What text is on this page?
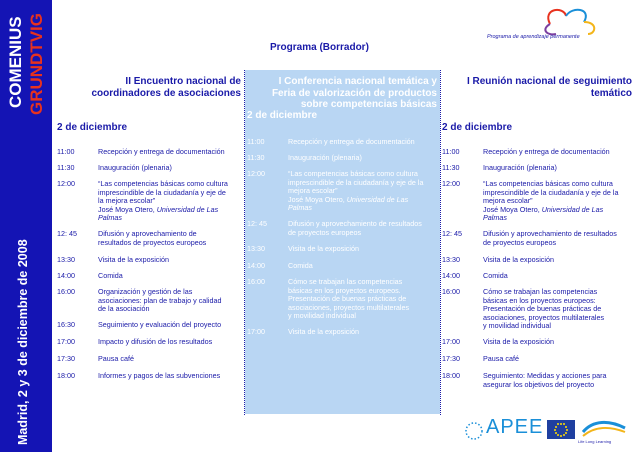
COMENIUS GRUNDTVIG
Madrid, 2 y 3 de diciembre de 2008
Programa (Borrador)
Programa de aprendizaje permanente
II Encuentro nacional de
coordinadores de asociaciones
2 de diciembre
11:00	Recepción y entrega de documentación
11:30	Inauguración (plenaria)
12:00	“Las competencias básicas como cultura
imprescindible de la ciudadanía y eje de
la mejora escolar”
José Moya Otero, Universidad de Las
Palmas
12: 45	Difusión y aprovechamiento de
resultados de proyectos europeos
13:30	Visita de la exposición
14:00	Comida
16:00	Organización y gestión de las
asociaciones: plan de trabajo y calidad
de la asociación
16:30	Seguimiento y evaluación del proyecto
17:00	Impacto y difusión de los resultados
17:30	Pausa café
18:00	Informes y pagos de las subvenciones
I Conferencia nacional temática y
Feria de valorización de productos
sobre competencias básicas
2 de diciembre
11:00	Recepción y entrega de documentación
11:30	Inauguración (plenaria)
12:00	“Las competencias básicas como cultura
imprescindible de la ciudadanía y eje de la
mejora escolar”
José Moya Otero, Universidad de Las
Palmas
12: 45	Difusión y aprovechamiento de resultados
de proyectos europeos
13:30	Visita de la exposición
14:00	Comida
16:00	Cómo se trabajan las competencias
básicas en los proyectos europeos.
Presentación de buenas prácticas de
asociaciones, proyectos multilaterales
y movilidad individual
17:00	Visita de la exposición
I Reunión nacional de seguimiento
temático
2 de diciembre
11:00	Recepción y entrega de documentación
11:30	Inauguración (plenaria)
12:00	“Las competencias básicas como cultura
imprescindible de la ciudadanía y eje de la
mejora escolar”
José Moya Otero, Universidad de Las
Palmas
12: 45	Difusión y aprovechamiento de resultados
de proyectos europeos
13:30	Visita de la exposición
14:00	Comida
16:00	Cómo se trabajan las competencias
básicas en los proyectos europeos:
Presentación de buenas prácticas de
asociaciones, proyectos multilaterales
y movilidad individual
17:00	Visita de la exposición
17:30	Pausa café
18:00	Seguimiento: Medidas y acciones para
asegurar los objetivos del proyecto
APEE
Life Long Learning
